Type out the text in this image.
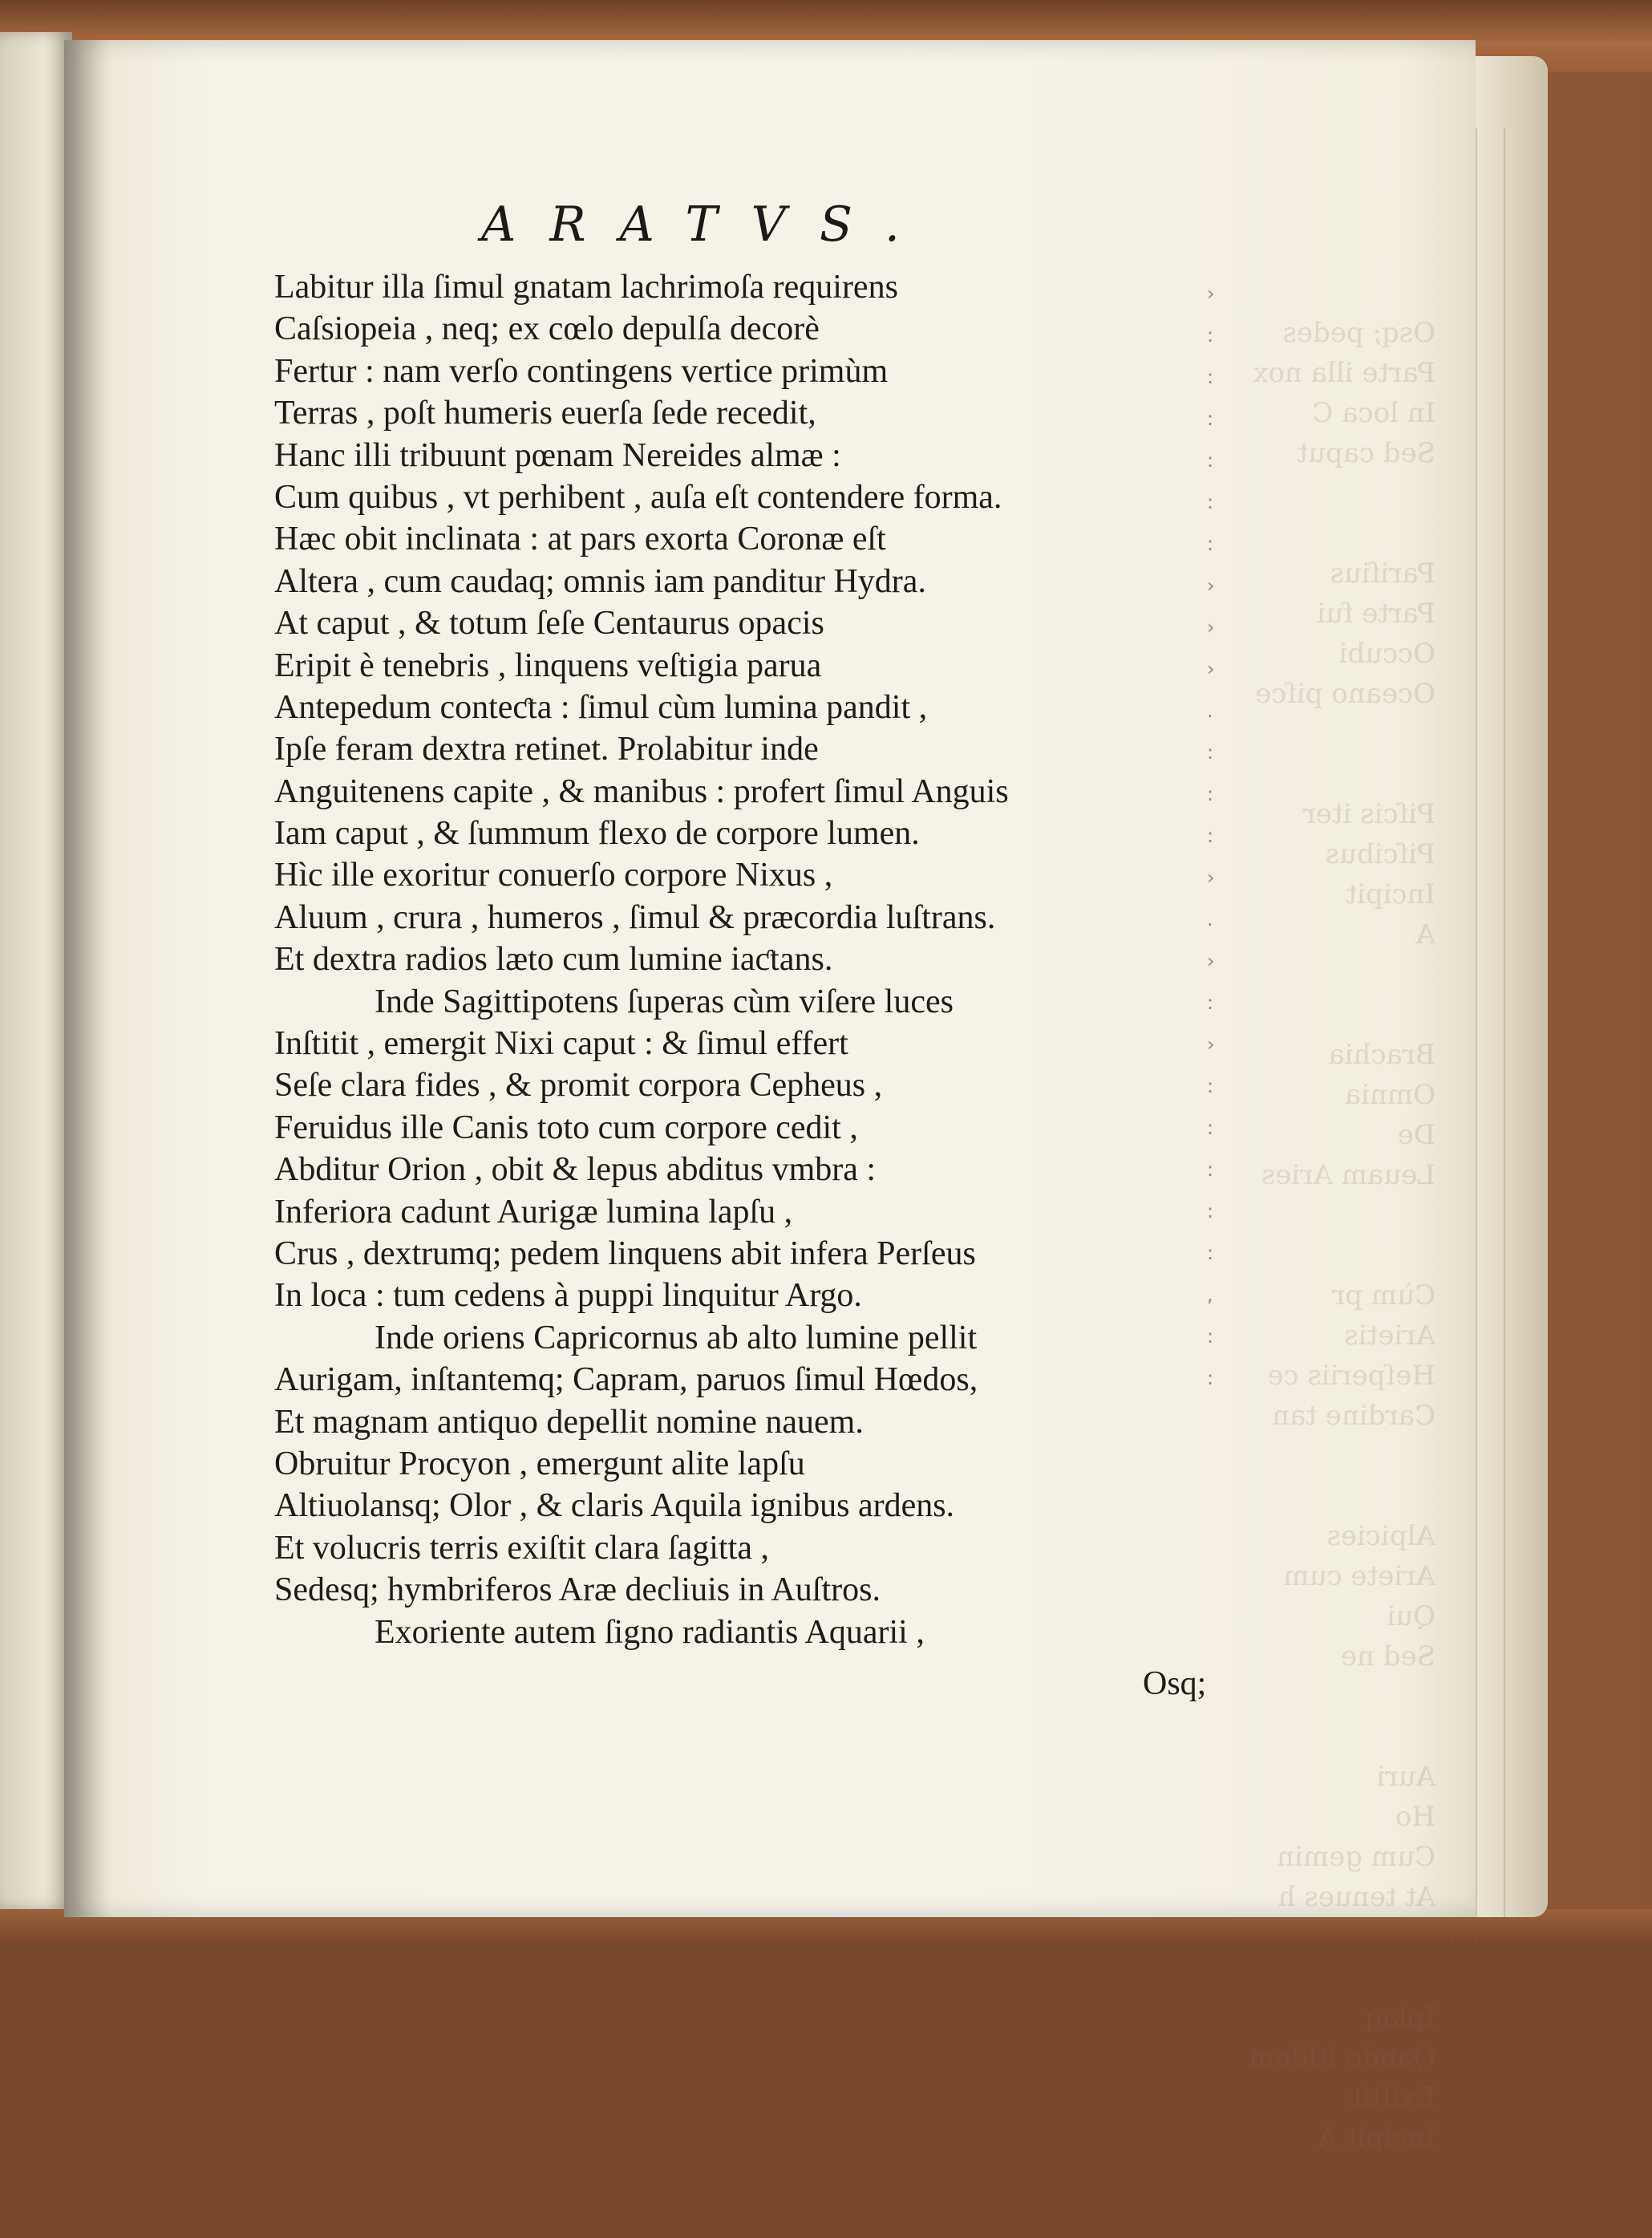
Osq; pedes
Parte illa nox
In loca C
Sed caput

Pariſius
Parte fui
Occubi
Oceano piſce

Piſcis iter
Piſcibus
Incipit
A

Brachia
Omnia
De
Leuam Aries

Cùm pr
Arietis
Heſperiis ce
Cardine tan

Alpicies
Ariete cum
Qui
Sed ne

Auri
Ho
Cum gemin
At tenues h

Iplaq
Qando itidem
Exiſtit
Incipit A

ARATVS.
Labitur illa ſimul gnatam lachrimoſa requirens
Caſsiopeia , neq; ex cœlo depulſa decorè
Fertur : nam verſo contingens vertice primùm
Terras , poſt humeris euerſa ſede recedit,
Hanc illi tribuunt pœnam Nereides almæ :
Cum quibus , vt perhibent , auſa eſt contendere forma.
Hæc obit inclinata : at pars exorta Coronæ eſt
Altera , cum caudaq; omnis iam panditur Hydra.
At caput , & totum ſeſe Centaurus opacis
Eripit è tenebris , linquens veſtigia parua
Antepedum conteƈta : ſimul cùm lumina pandit ,
Ipſe feram dextra retinet. Prolabitur inde
Anguitenens capite , & manibus : profert ſimul Anguis
Iam caput , & ſummum flexo de corpore lumen.
Hìc ille exoritur conuerſo corpore Nixus ,
Aluum , crura , humeros , ſimul & præcordia luſtrans.
Et dextra radios læto cum lumine iaƈtans.
Inde Sagittipotens ſuperas cùm viſere luces
Inſtitit , emergit Nixi caput : & ſimul effert
Seſe clara fides , & promit corpora Cepheus ,
Feruidus ille Canis toto cum corpore cedit ,
Abditur Orion , obit & lepus abditus vmbra :
Inferiora cadunt Aurigæ lumina lapſu ,
Crus , dextrumq; pedem linquens abit infera Perſeus
In loca : tum cedens à puppi linquitur Argo.
Inde oriens Capricornus ab alto lumine pellit
Aurigam, inſtantemq; Capram, paruos ſimul Hœdos,
Et magnam antiquo depellit nomine nauem.
Obruitur Procyon , emergunt alite lapſu
Altiuolansq; Olor , & claris Aquila ignibus ardens.
Et volucris terris exiſtit clara ſagitta ,
Sedesq; hymbriferos Aræ decliuis in Auſtros.
Exoriente autem ſigno radiantis Aquarii ,
Osq;
›
:
:
:
:
:
:
›
›
›
.
:
:
:
›
.
›
:
›
:
:
:
:
:
,
:
:
